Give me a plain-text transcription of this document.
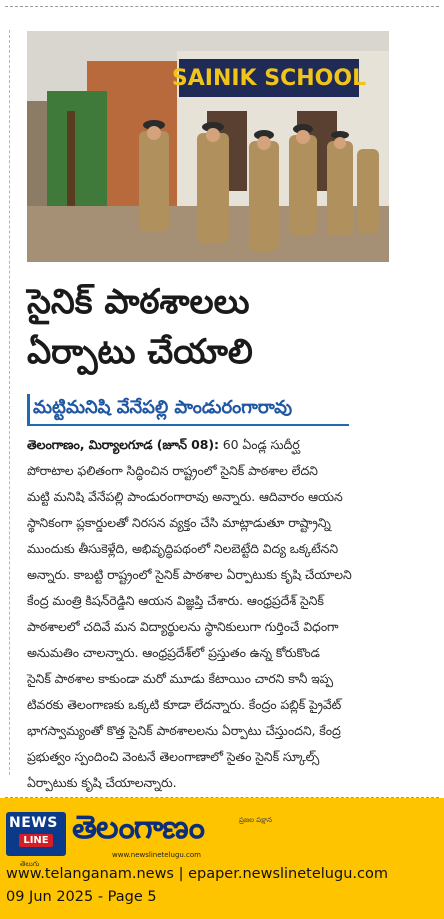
SAINIK SCHOOL
సైనిక్ పాఠశాలలు
ఏర్పాటు చేయాలి
మట్టిమనిషి వేనేపల్లి పాండురంగారావు
తెలంగాణం, మిర్యాలగూడ (జూన్ 08): 60 ఏండ్ల సుదీర్ఘ
పోరాటాల ఫలితంగా సిద్ధించిన రాష్ట్రంలో సైనిక్ పాఠశాల లేదని
మట్టి మనిషి వేనేపల్లి పాండురంగారావు అన్నారు. ఆదివారం ఆయన
స్థానికంగా ప్లకార్డులతో నిరసన వ్యక్తం చేసి మాట్లాడుతూ రాష్ట్రాన్ని
ముందుకు తీసుకెళ్లేది, అభివృద్ధిపథంలో నిలబెట్టేది విద్య ఒక్కటేనని
అన్నారు. కాబట్టి రాష్ట్రంలో సైనిక్ పాఠశాల ఏర్పాటుకు కృషి చేయాలని
కేంద్ర మంత్రి కిషన్‌రెడ్డిని ఆయన విజ్ఞప్తి చేశారు. ఆంధ్రప్రదేశ్ సైనిక్
పాఠశాలలో చదివే మన విద్యార్థులను స్థానికులుగా గుర్తించే విధంగా
అనుమతిం చాలన్నారు. ఆంధ్రప్రదేశ్‌లో ప్రస్తుతం ఉన్న కోరుకొండ
సైనిక్ పాఠశాల కాకుండా మరో మూడు కేటాయిం చారని కానీ ఇప్ప
టివరకు తెలంగాణకు ఒక్కటి కూడా లేదన్నారు. కేంద్రం పబ్లిక్ ప్రైవేట్
భాగస్వామ్యంతో కొత్త సైనిక్ పాఠశాలలను ఏర్పాటు చేస్తుందని, కేంద్ర
ప్రభుత్వం స్పందించి వెంటనే తెలంగాణాలో సైతం సైనిక్ స్కూల్స్
ఏర్పాటుకు కృషి చేయాలన్నారు.
NEWS
LINE
తెలుగు
తెలంగాణం	ప్రజల పక్షాన
www.newslinetelugu.com
www.telanganam.news | epaper.newslinetelugu.com
09 Jun 2025 - Page 5
